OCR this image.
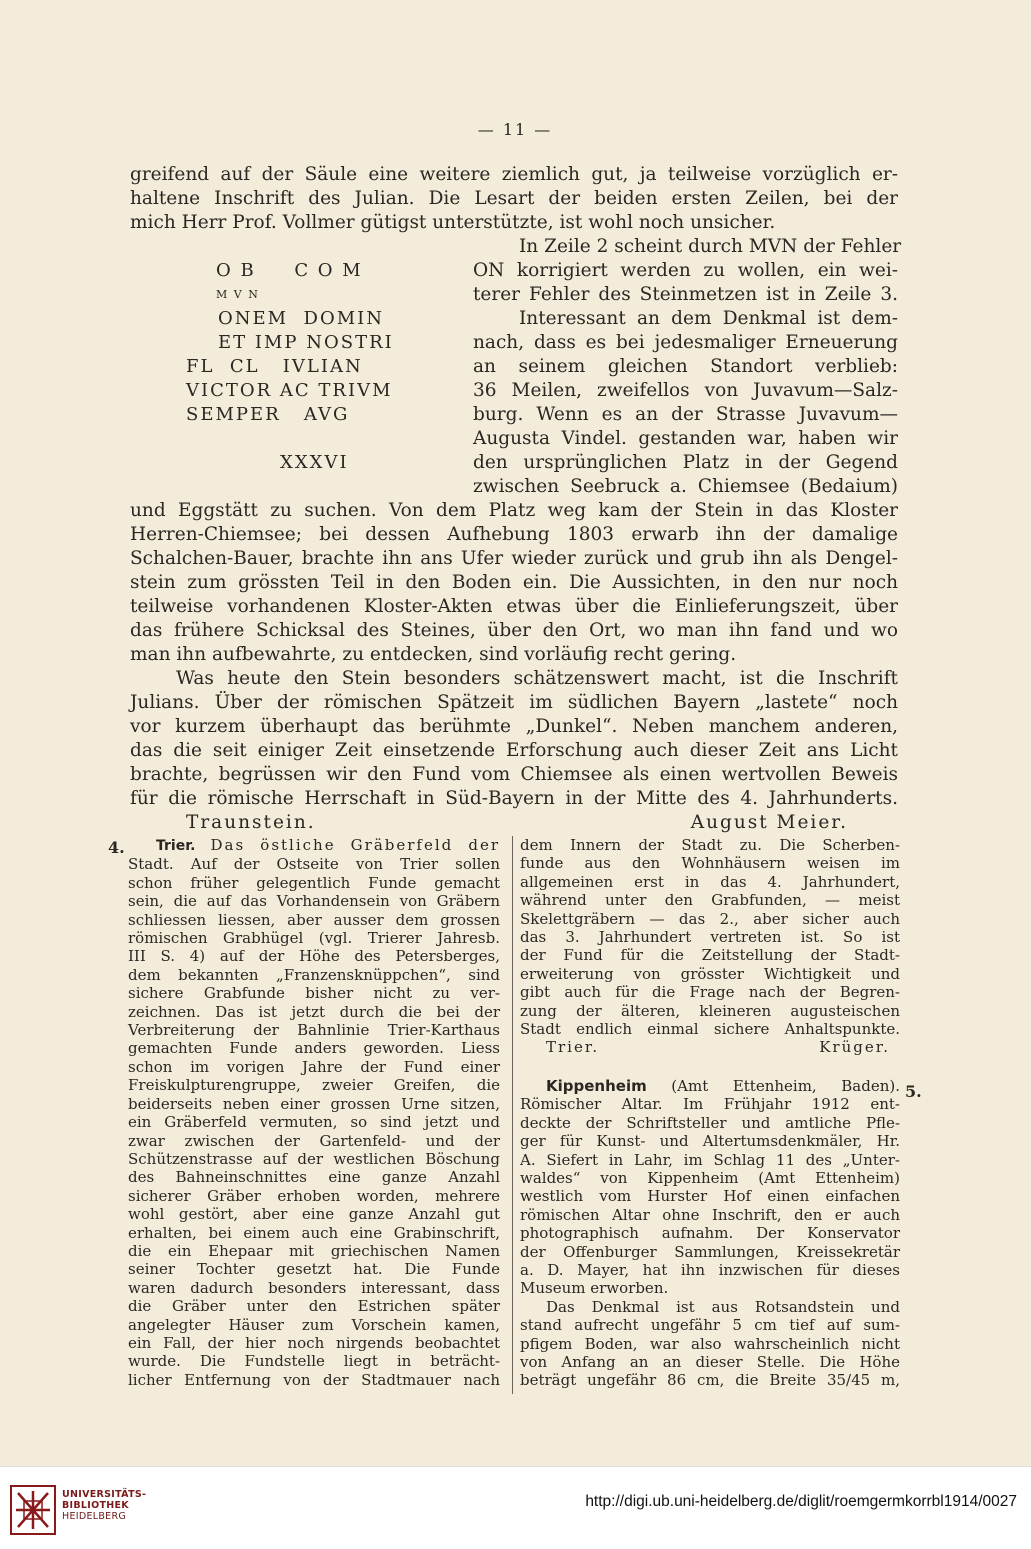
— 11 —
greifend auf der Säule eine weitere ziemlich gut, ja teilweise vorzüglich er-
haltene Inschrift des Julian. Die Lesart der beiden ersten Zeilen, bei der
mich Herr Prof. Vollmer gütigst unterstützte, ist wohl noch unsicher.
O B     C O M
M V N
ONEM  DOMIN
ET IMP NOSTRI
FL  CL   IVLIAN
VICTOR AC TRIVM
SEMPER   AVG

XXXVI
In Zeile 2 scheint durch MVN der Fehler
ON korrigiert werden zu wollen, ein wei-
terer Fehler des Steinmetzen ist in Zeile 3.
Interessant an dem Denkmal ist dem-
nach, dass es bei jedesmaliger Erneuerung
an seinem gleichen Standort verblieb:
36 Meilen, zweifellos von Juvavum—Salz-
burg. Wenn es an der Strasse Juvavum—
Augusta Vindel. gestanden war, haben wir
den ursprünglichen Platz in der Gegend
zwischen Seebruck a. Chiemsee (Bedaium)
und Eggstätt zu suchen. Von dem Platz weg kam der Stein in das Kloster
Herren-Chiemsee; bei dessen Aufhebung 1803 erwarb ihn der damalige
Schalchen-Bauer, brachte ihn ans Ufer wieder zurück und grub ihn als Dengel-
stein zum grössten Teil in den Boden ein. Die Aussichten, in den nur noch
teilweise vorhandenen Kloster-Akten etwas über die Einlieferungszeit, über
das frühere Schicksal des Steines, über den Ort, wo man ihn fand und wo
man ihn aufbewahrte, zu entdecken, sind vorläufig recht gering.
Was heute den Stein besonders schätzenswert macht, ist die Inschrift
Julians. Über der römischen Spätzeit im südlichen Bayern „lastete“ noch
vor kurzem überhaupt das berühmte „Dunkel“. Neben manchem anderen,
das die seit einiger Zeit einsetzende Erforschung auch dieser Zeit ans Licht
brachte, begrüssen wir den Fund vom Chiemsee als einen wertvollen Beweis
für die römische Herrschaft in Süd-Bayern in der Mitte des 4. Jahrhunderts.
Traunstein.	August Meier.
4.	Trier. Das östliche Gräberfeld der
Stadt. Auf der Ostseite von Trier sollen
schon früher gelegentlich Funde gemacht
sein, die auf das Vorhandensein von Gräbern
schliessen liessen, aber ausser dem grossen
römischen Grabhügel (vgl. Trierer Jahresb.
III S. 4) auf der Höhe des Petersberges,
dem bekannten „Franzensknüppchen“, sind
sichere Grabfunde bisher nicht zu ver-
zeichnen. Das ist jetzt durch die bei der
Verbreiterung der Bahnlinie Trier-Karthaus
gemachten Funde anders geworden. Liess
schon im vorigen Jahre der Fund einer
Freiskulpturengruppe, zweier Greifen, die
beiderseits neben einer grossen Urne sitzen,
ein Gräberfeld vermuten, so sind jetzt und
zwar zwischen der Gartenfeld- und der
Schützenstrasse auf der westlichen Böschung
des Bahneinschnittes eine ganze Anzahl
sicherer Gräber erhoben worden, mehrere
wohl gestört, aber eine ganze Anzahl gut
erhalten, bei einem auch eine Grabinschrift,
die ein Ehepaar mit griechischen Namen
seiner Tochter gesetzt hat. Die Funde
waren dadurch besonders interessant, dass
die Gräber unter den Estrichen später
angelegter Häuser zum Vorschein kamen,
ein Fall, der hier noch nirgends beobachtet
wurde. Die Fundstelle liegt in beträcht-
licher Entfernung von der Stadtmauer nach
dem Innern der Stadt zu. Die Scherben-
funde aus den Wohnhäusern weisen im
allgemeinen erst in das 4. Jahrhundert,
während unter den Grabfunden, — meist
Skelettgräbern — das 2., aber sicher auch
das 3. Jahrhundert vertreten ist. So ist
der Fund für die Zeitstellung der Stadt-
erweiterung von grösster Wichtigkeit und
gibt auch für die Frage nach der Begren-
zung der älteren, kleineren augusteischen
Stadt endlich einmal sichere Anhaltspunkte.
Trier.	Krüger.
Kippenheim (Amt Ettenheim, Baden).
Römischer Altar. Im Frühjahr 1912 ent-
deckte der Schriftsteller und amtliche Pfle-
ger für Kunst- und Altertumsdenkmäler, Hr.
A. Siefert in Lahr, im Schlag 11 des „Unter-
waldes“ von Kippenheim (Amt Ettenheim)
westlich vom Hurster Hof einen einfachen
römischen Altar ohne Inschrift, den er auch
photographisch aufnahm. Der Konservator
der Offenburger Sammlungen, Kreissekretär
a. D. Mayer, hat ihn inzwischen für dieses
Museum erworben.
Das Denkmal ist aus Rotsandstein und
stand aufrecht ungefähr 5 cm tief auf sum-
pfigem Boden, war also wahrscheinlich nicht
von Anfang an an dieser Stelle. Die Höhe
beträgt ungefähr 86 cm, die Breite 35/45 m,
5.
UNIVERSITÄTS-
BIBLIOTHEK
HEIDELBERG
http://digi.ub.uni-heidelberg.de/diglit/roemgermkorrbl1914/0027
